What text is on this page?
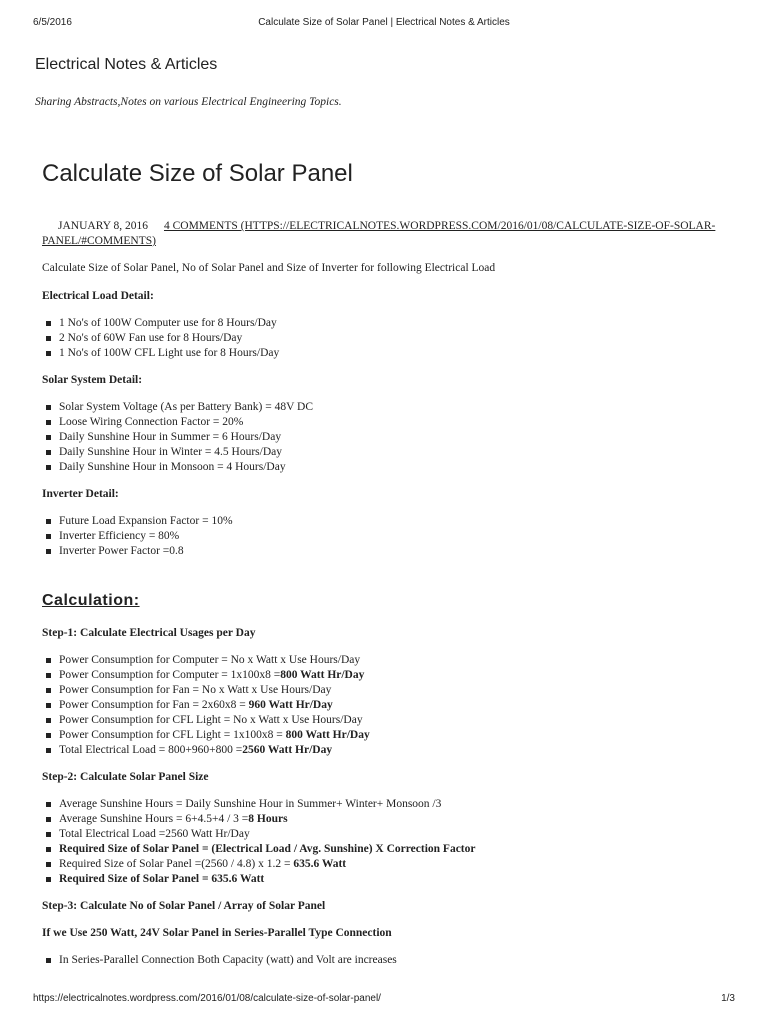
6/5/2016	Calculate Size of Solar Panel | Electrical Notes & Articles
Electrical Notes & Articles
Sharing Abstracts,Notes on various Electrical Engineering Topics.
Calculate Size of Solar Panel
JANUARY 8, 2016 4 COMMENTS (HTTPS://ELECTRICALNOTES.WORDPRESS.COM/2016/01/08/CALCULATE-SIZE-OF-SOLAR-PANEL/#COMMENTS)

Calculate Size of Solar Panel, No of Solar Panel and Size of Inverter for following Electrical Load

Electrical Load Detail:

1 No's of 100W Computer use for 8 Hours/Day
2 No's of 60W Fan use for 8 Hours/Day
1 No's of 100W CFL Light use for 8 Hours/Day

Solar System Detail:

Solar System Voltage (As per Battery Bank) = 48V DC
Loose Wiring Connection Factor = 20%
Daily Sunshine Hour in Summer = 6 Hours/Day
Daily Sunshine Hour in Winter = 4.5 Hours/Day
Daily Sunshine Hour in Monsoon = 4 Hours/Day

Inverter Detail:

Future Load Expansion Factor = 10%
Inverter Efficiency = 80%
Inverter Power Factor =0.8
Calculation:

Step-1: Calculate Electrical Usages per Day

Power Consumption for Computer = No x Watt x Use Hours/Day
Power Consumption for Computer = 1x100x8 =800 Watt Hr/Day
Power Consumption for Fan = No x Watt x Use Hours/Day
Power Consumption for Fan = 2x60x8 = 960 Watt Hr/Day
Power Consumption for CFL Light = No x Watt x Use Hours/Day
Power Consumption for CFL Light = 1x100x8 = 800 Watt Hr/Day
Total Electrical Load = 800+960+800 =2560 Watt Hr/Day

Step-2: Calculate Solar Panel Size

Average Sunshine Hours = Daily Sunshine Hour in Summer+ Winter+ Monsoon /3
Average Sunshine Hours = 6+4.5+4 / 3 =8 Hours
Total Electrical Load =2560 Watt Hr/Day
Required Size of Solar Panel = (Electrical Load / Avg. Sunshine) X Correction Factor
Required Size of Solar Panel =(2560 / 4.8) x 1.2 = 635.6 Watt
Required Size of Solar Panel = 635.6 Watt

Step-3: Calculate No of Solar Panel / Array of Solar Panel

If we Use 250 Watt, 24V Solar Panel in Series-Parallel Type Connection

In Series-Parallel Connection Both Capacity (watt) and Volt are increases
https://electricalnotes.wordpress.com/2016/01/08/calculate-size-of-solar-panel/	1/3
